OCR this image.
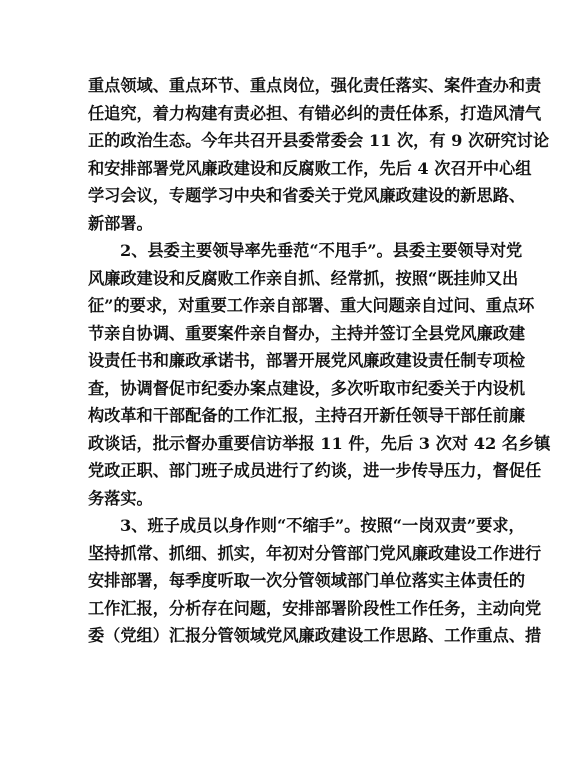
重点领域、重点环节、重点岗位，强化责任落实、案件查办和责
任追究，着力构建有责必担、有错必纠的责任体系，打造风清气
正的政治生态。今年共召开县委常委会 11 次，有 9 次研究讨论
和安排部署党风廉政建设和反腐败工作，先后 4 次召开中心组
学习会议，专题学习中央和省委关于党风廉政建设的新思路、
新部署。
2、县委主要领导率先垂范“不甩手”。县委主要领导对党
风廉政建设和反腐败工作亲自抓、经常抓，按照“既挂帅又出
征”的要求，对重要工作亲自部署、重大问题亲自过问、重点环
节亲自协调、重要案件亲自督办，主持并签订全县党风廉政建
设责任书和廉政承诺书，部署开展党风廉政建设责任制专项检
查，协调督促市纪委办案点建设，多次听取市纪委关于内设机
构改革和干部配备的工作汇报，主持召开新任领导干部任前廉
政谈话，批示督办重要信访举报 11 件，先后 3 次对 42 名乡镇
党政正职、部门班子成员进行了约谈，进一步传导压力，督促任
务落实。
3、班子成员以身作则“不缩手”。按照“一岗双责”要求，
坚持抓常、抓细、抓实，年初对分管部门党风廉政建设工作进行
安排部署，每季度听取一次分管领域部门单位落实主体责任的
工作汇报，分析存在问题，安排部署阶段性工作任务，主动向党
委（党组）汇报分管领域党风廉政建设工作思路、工作重点、措
